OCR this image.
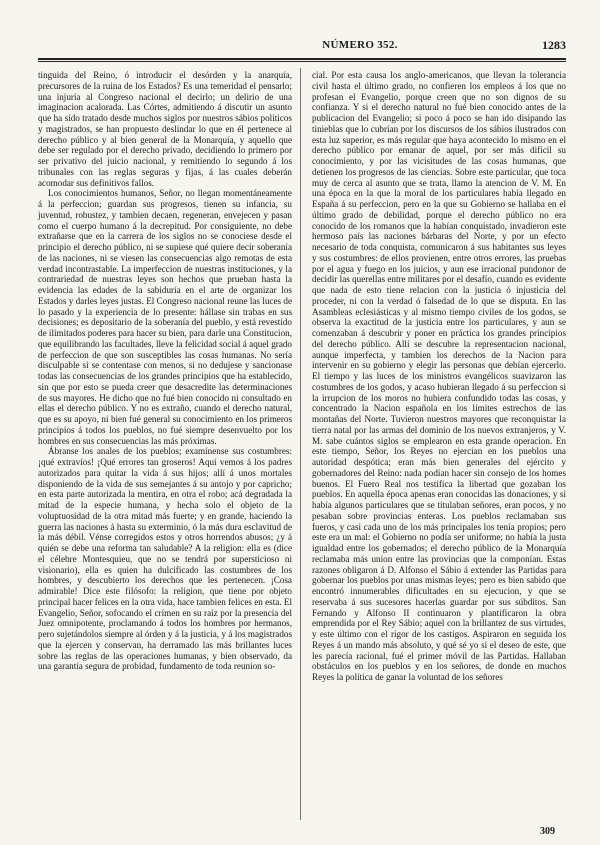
NÚMERO 352.	1283

tinguida del Reino, ó introducir el desórden y la anarquía, precursores de la ruina de los Estados? Es una temeridad el pensarlo; una injuria al Congreso nacional el decirlo; un delirio de una imaginacion acalorada. Las Córtes, admitiendo á discutir un asunto que ha sido tratado desde muchos siglos por nuestros sábios políticos y magistrados, se han propuesto deslindar lo que en él pertenece al derecho público y al bien general de la Monarquía, y aquello que debe ser regulado por el derecho privado, decidiendo lo primero por ser privativo del juicio nacional, y remitiendo lo segundo á los tribunales con las reglas seguras y fijas, á las cuales deberán acomodar sus definitivos fallos.

Los conocimientos humanos, Señor, no llegan momentáneamente á la perfeccion; guardan sus progresos, tienen su infancia, su juventud, robustez, y tambien decaen, regeneran, envejecen y pasan como el cuerpo humano á la decrepitud. Por consiguiente, no debe extrañarse que en la carrera de los siglos no se conociese desde el principio el derecho público, ni se supiese qué quiere decir soberanía de las naciones, ni se viesen las consecuencias algo remotas de esta verdad incontrastable. La imperfeccion de nuestras instituciones, y la contrariedad de nuestras leyes son hechos que prueban hasta la evidencia las edades de la sabiduría en el arte de organizar los Estados y darles leyes justas. El Congreso nacional reune las luces de lo pasado y la experiencia de lo presente: hállase sin trabas en sus decisiones; es depositario de la soberanía del pueblo, y está revestido de ilimitados poderes para hacer su bien, para darle una Constitucion, que equilibrando las facultades, lleve la felicidad social á aquel grado de perfeccion de que son susceptibles las cosas humanas. No sería disculpable si se contentase con menos, si no dedujese y sancionase todas las consecuencias de los grandes principios que ha establecido, sin que por esto se pueda creer que desacredite las determinaciones de sus mayores. He dicho que no fué bien conocido ni consultado en ellas el derecho público. Y no es extraño, cuando el derecho natural, que es su apoyo, ni bien fué general su conocimiento en los primeros principios á todos los pueblos, no fué siempre desenvuelto por los hombres en sus consecuencias las más próximas.

Ábranse los anales de los pueblos; examínense sus costumbres: ¡qué extravíos! ¡Qué errores tan groseros! Aquí vemos á los padres autorizados para quitar la vida á sus hijos; allí á unos mortales disponiendo de la vida de sus semejantes á su antojo y por capricho; en esta parte autorizada la mentira, en otra el robo; acá degradada la mitad de la especie humana, y hecha solo el objeto de la voluptuosidad de la otra mitad más fuerte; y en grande, haciendo la guerra las naciones á hasta su exterminio, ó la más dura esclavitud de la más débil. Vénse corregidos estos y otros horrendos abusos; ¿y á quién se debe una reforma tan saludable? A la religion: ella es (dice el célebre Montesquieu, que no se tendrá por supersticioso ni visionario), ella es quien ha dulcificado las costumbres de los hombres, y descubierto los derechos que les pertenecen. ¡Cosa admirable! Dice este filósofo: la religion, que tiene por objeto principal hacer felices en la otra vida, hace tambien felices en esta. El Evangelio, Señor, sofocando el crímen en su raíz por la presencia del Juez omnipotente, proclamando á todos los hombres por hermanos, pero sujetándolos siempre al órden y á la justicia, y á los magistrados que la ejercen y conservan, ha derramado las más brillantes luces sobre las reglas de las operaciones humanas, y bien observado, da una garantía segura de probidad, fundamento de toda reunion so-

cial. Por esta causa los anglo-americanos, que llevan la tolerancia civil hasta el último grado, no confieren los empleos á los que no profesan el Evangelio, porque creen que no son dignos de su confianza. Y si el derecho natural no fué bien conocido antes de la publicacion del Evangelio; si poco á poco se han ido disipando las tinieblas que lo cubrían por los discursos de los sábios ilustrados con esta luz superior, es más regular que haya acontecido lo mismo en el derecho público por emanar de aquel, por ser más difícil su conocimiento, y por las vicisitudes de las cosas humanas, que detienen los progresos de las ciencias. Sobre este particular, que toca muy de cerca al asunto que se trata, llamo la atencion de V. M. En una época en la que la moral de los particulares había llegado en España á su perfeccion, pero en la que su Gobierno se hallaba en el último grado de debilidad, porque el derecho público no era conocido de los romanos que la habían conquistado, invadieron este hermoso país las naciones bárbaras del Norte, y por un efecto necesario de toda conquista, comunicaron á sus habitantes sus leyes y sus costumbres: de ellos provienen, entre otros errores, las pruebas por el agua y fuego en los juicios, y aun ese irracional pundonor de decidir las querellas entre militares por el desafío, cuando es evidente que nada de esto tiene relacion con la justicia ó injusticia del proceder, ni con la verdad ó falsedad de lo que se disputa. En las Asambleas eclesiásticas y al mismo tiempo civiles de los godos, se observa la exactitud de la justicia entre los particulares, y aun se comenzaban á descubrir y poner en práctica los grandes principios del derecho público. Allí se descubre la representacion nacional, aunque imperfecta, y tambien los derechos de la Nacion para intervenir en su gobierno y elegir las personas que debían ejercerlo. El tiempo y las luces de los ministros evangélicos suavizaron las costumbres de los godos, y acaso hubieran llegado á su perfeccion si la irrupcion de los moros no hubiera confundido todas las cosas, y concentrado la Nacion española en los límites estrechos de las montañas del Norte. Tuvieron nuestros mayores que reconquistar la tierra natal por las armas del dominio de los nuevos extranjeros, y V. M. sabe cuántos siglos se emplearon en esta grande operacion. En este tiempo, Señor, los Reyes no ejercían en los pueblos una autoridad despótica; eran más bien generales del ejército y gobernadores del Reino: nada podían hacer sin consejo de los homes buenos. El Fuero Real nos testifica la libertad que gozaban los pueblos. En aquella época apenas eran conocidas las donaciones, y si había algunos particulares que se titulaban señores, eran pocos, y no pesaban sobre provincias enteras. Los pueblos reclamaban sus fueros, y casi cada uno de los más principales los tenía propios; pero este era un mal: el Gobierno no podía ser uniforme; no había la justa igualdad entre los gobernados; el derecho público de la Monarquía reclamaba más union entre las provincias que la componían. Estas razones obligaron á D. Alfonso el Sábio á extender las Partidas para gobernar los pueblos por unas mismas leyes; pero es bien sabido que encontró innumerables dificultades en su ejecucion, y que se reservaba á sus sucesores hacerlas guardar por sus súbditos. San Fernando y Alfonso II continuaron y plantificaron la obra emprendida por el Rey Sábio; aquel con la brillantez de sus virtudes, y este último con el rigor de los castigos. Aspiraron en seguida los Reyes á un mando más absoluto, y qué sé yo si el deseo de este, que les parecía racional, fué el primer móvil de las Partidas. Hallaban obstáculos en los pueblos y en los señores, de donde en muchos Reyes la política de ganar la voluntad de los señores

309
